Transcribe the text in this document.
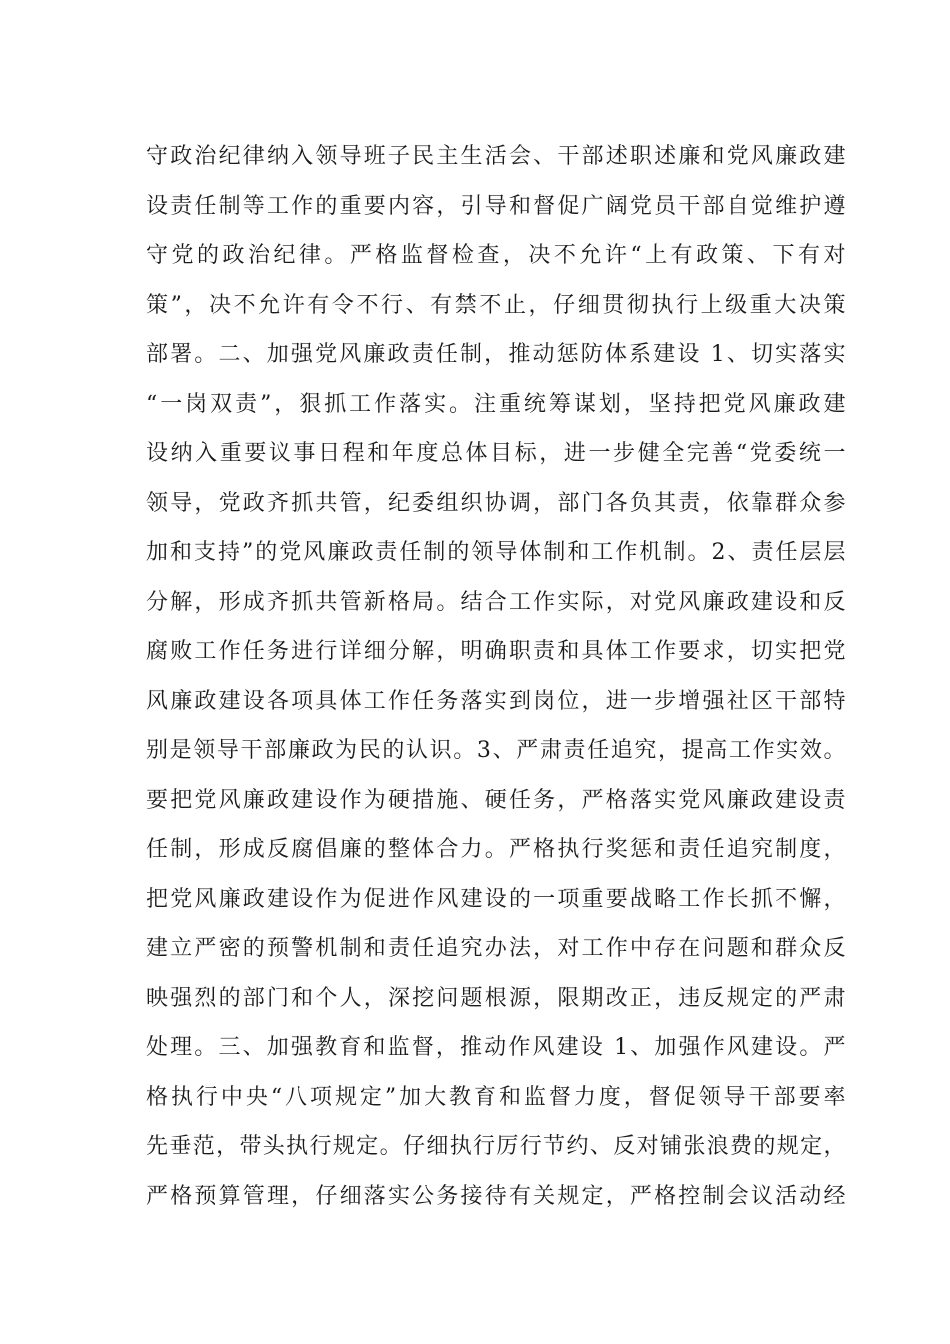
守政治纪律纳入领导班子民主生活会、干部述职述廉和党风廉政建
设责任制等工作的重要内容，引导和督促广阔党员干部自觉维护遵
守党的政治纪律。严格监督检查，决不允许“上有政策、下有对
策”，决不允许有令不行、有禁不止，仔细贯彻执行上级重大决策
部署。二、加强党风廉政责任制，推动惩防体系建设 1、切实落实
“一岗双责”，狠抓工作落实。注重统筹谋划，坚持把党风廉政建
设纳入重要议事日程和年度总体目标，进一步健全完善“党委统一
领导，党政齐抓共管，纪委组织协调，部门各负其责，依靠群众参
加和支持”的党风廉政责任制的领导体制和工作机制。2、责任层层
分解，形成齐抓共管新格局。结合工作实际，对党风廉政建设和反
腐败工作任务进行详细分解，明确职责和具体工作要求，切实把党
风廉政建设各项具体工作任务落实到岗位，进一步增强社区干部特
别是领导干部廉政为民的认识。3、严肃责任追究，提高工作实效。
要把党风廉政建设作为硬措施、硬任务，严格落实党风廉政建设责
任制，形成反腐倡廉的整体合力。严格执行奖惩和责任追究制度，
把党风廉政建设作为促进作风建设的一项重要战略工作长抓不懈，
建立严密的预警机制和责任追究办法，对工作中存在问题和群众反
映强烈的部门和个人，深挖问题根源，限期改正，违反规定的严肃
处理。三、加强教育和监督，推动作风建设 1、加强作风建设。严
格执行中央“八项规定”加大教育和监督力度，督促领导干部要率
先垂范，带头执行规定。仔细执行厉行节约、反对铺张浪费的规定，
严格预算管理，仔细落实公务接待有关规定，严格控制会议活动经
